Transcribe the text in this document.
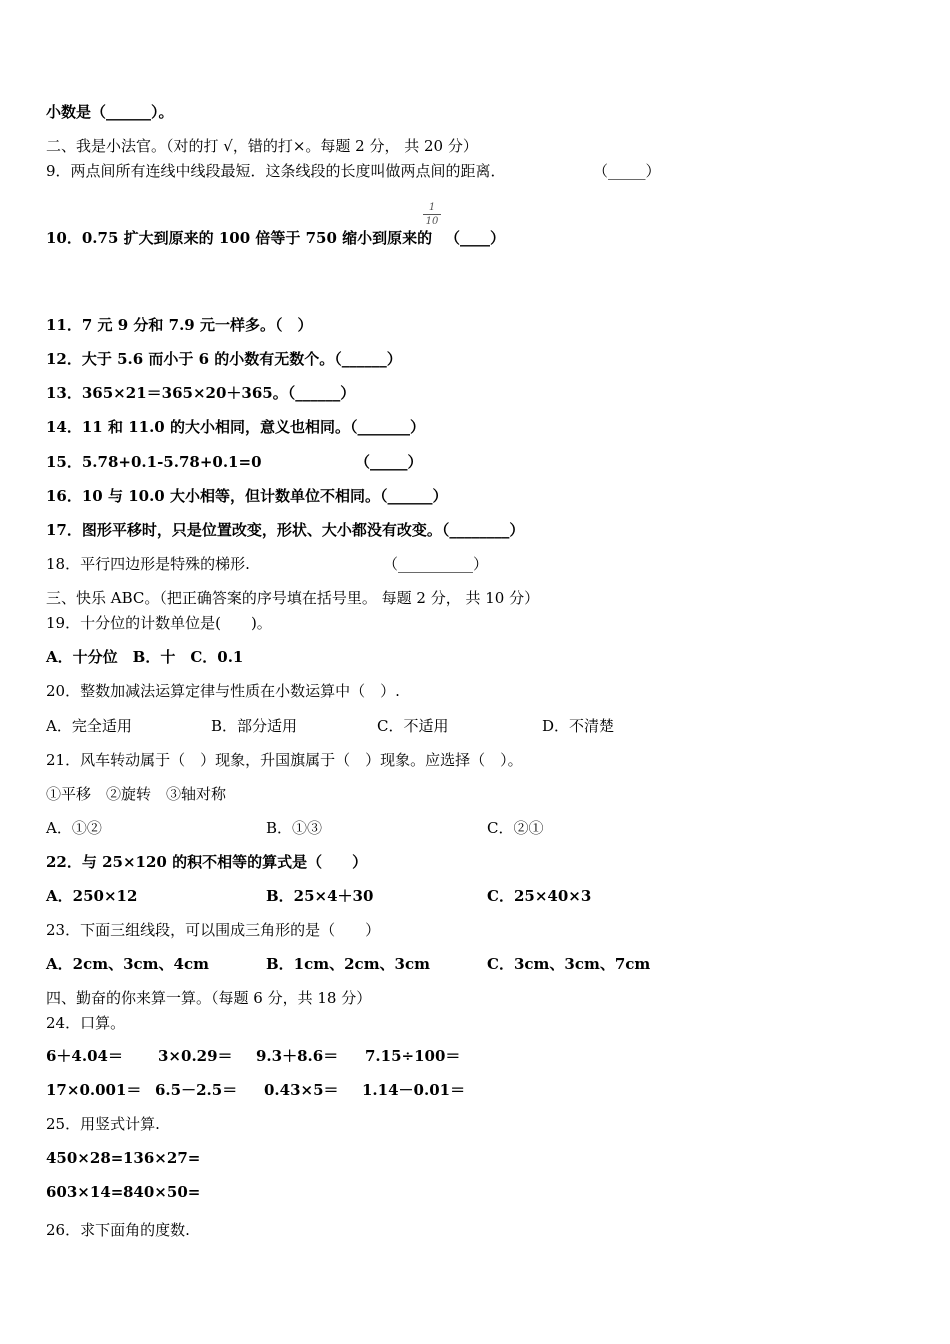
小数是（______）。
二、我是小法官。（对的打 √，错的打×。每题 2 分， 共 20 分）
9．两点间所有连线中线段最短．这条线段的长度叫做两点间的距离．	（_____）
10．0.75 扩大到原来的 100 倍等于 750 缩小到原来的
1
10
（____）
11．7 元 9 分和 7.9 元一样多。（　）
12．大于 5.6 而小于 6 的小数有无数个。（______）
13．365×21＝365×20＋365。（______）
14．11 和 11.0 的大小相同，意义也相同。（_______）
15．5.78+0.1-5.78+0.1=0	（_____）
16．10 与 10.0 大小相等，但计数单位不相同。（______）
17．图形平移时，只是位置改变，形状、大小都没有改变。（________）
18．平行四边形是特殊的梯形.	（__________）
三、快乐 ABC。（把正确答案的序号填在括号里。 每题 2 分， 共 10 分）
19．十分位的计数单位是(　　)。
A．十分位　B．十　C．0.1
20．整数加减法运算定律与性质在小数运算中（　）.
A．完全适用	B．部分适用	C．不适用	D．不清楚
21．风车转动属于（　）现象，升国旗属于（　）现象。应选择（　）。
①平移　②旋转　③轴对称
A．①②	B．①③	C．②①
22．与 25×120 的积不相等的算式是（　　）
A．250×12	B．25×4＋30	C．25×40×3
23．下面三组线段，可以围成三角形的是（　　）
A．2cm、3cm、4cm	B．1cm、2cm、3cm	C．3cm、3cm、7cm
四、勤奋的你来算一算。（每题 6 分，共 18 分）
24．口算。
6＋4.04＝ 3×0.29＝ 9.3＋8.6＝ 7.15÷100＝
17×0.001＝ 6.5－2.5＝ 0.43×5＝ 1.14－0.01＝
25．用竖式计算.
450×28= 136×27=
603×14= 840×50=
26．求下面角的度数.
